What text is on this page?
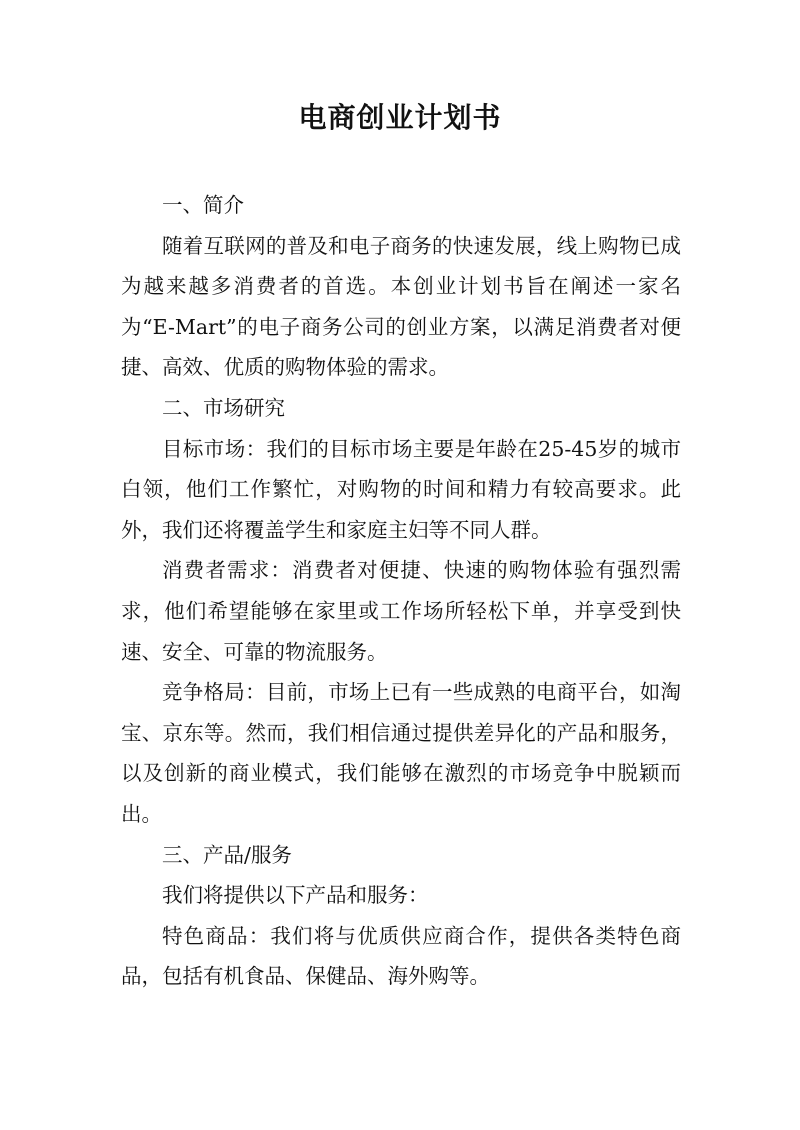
电商创业计划书
一、简介

随着互联网的普及和电子商务的快速发展，线上购物已成为越来越多消费者的首选。本创业计划书旨在阐述一家名为“E-Mart”的电子商务公司的创业方案，以满足消费者对便捷、高效、优质的购物体验的需求。

二、市场研究

目标市场：我们的目标市场主要是年龄在25-45岁的城市白领，他们工作繁忙，对购物的时间和精力有较高要求。此外，我们还将覆盖学生和家庭主妇等不同人群。

消费者需求：消费者对便捷、快速的购物体验有强烈需求，他们希望能够在家里或工作场所轻松下单，并享受到快速、安全、可靠的物流服务。

竞争格局：目前，市场上已有一些成熟的电商平台，如淘宝、京东等。然而，我们相信通过提供差异化的产品和服务，以及创新的商业模式，我们能够在激烈的市场竞争中脱颖而出。

三、产品/服务

我们将提供以下产品和服务：

特色商品：我们将与优质供应商合作，提供各类特色商品，包括有机食品、保健品、海外购等。
